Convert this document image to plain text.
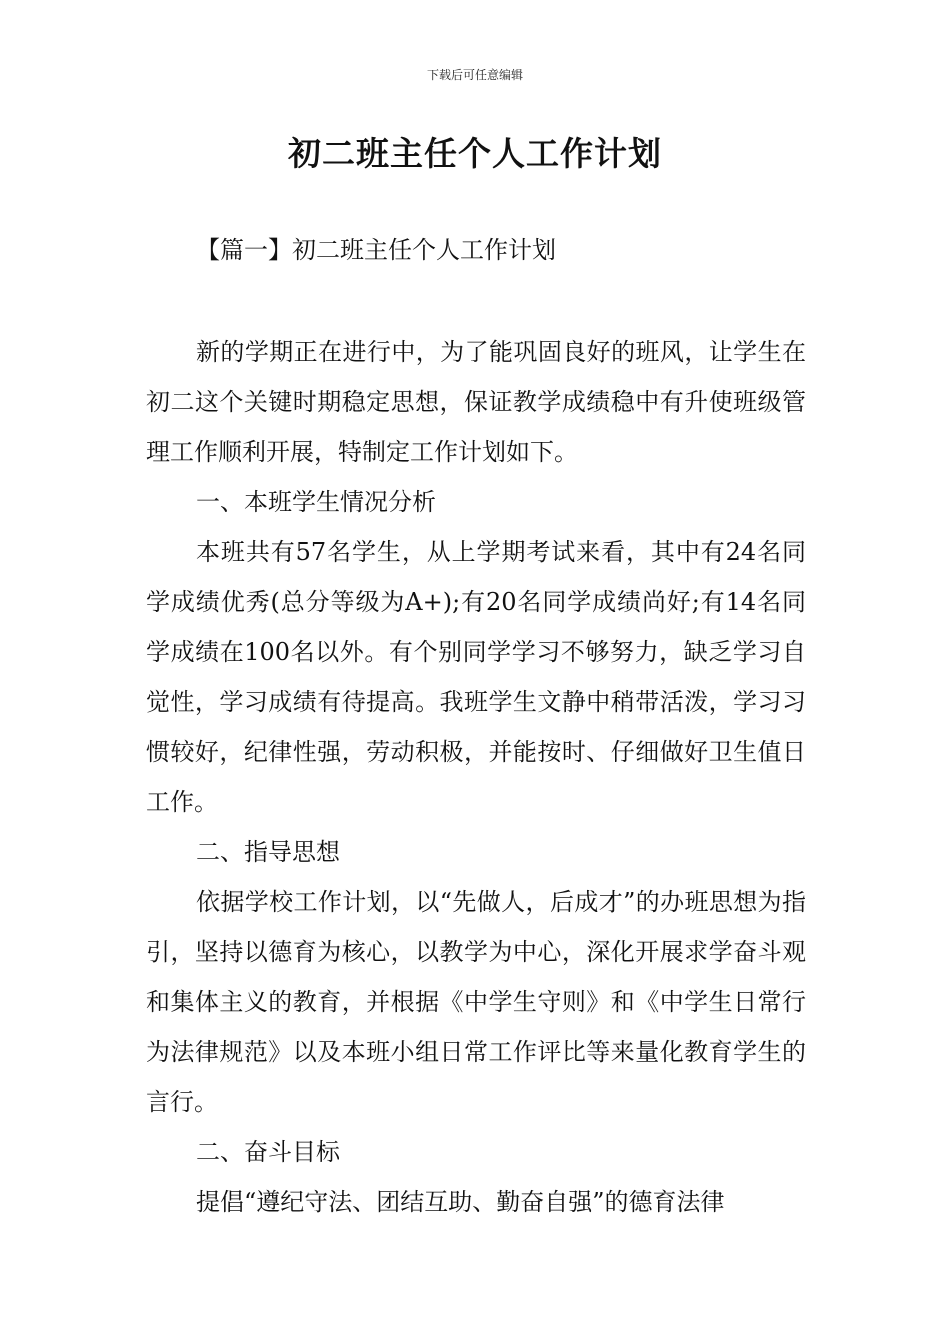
下载后可任意编辑
初二班主任个人工作计划
【篇一】初二班主任个人工作计划

新的学期正在进行中，为了能巩固良好的班风，让学生在初二这个关键时期稳定思想，保证教学成绩稳中有升使班级管理工作顺利开展，特制定工作计划如下。

一、本班学生情况分析

本班共有57名学生，从上学期考试来看，其中有24名同学成绩优秀(总分等级为A+);有20名同学成绩尚好;有14名同学成绩在100名以外。有个别同学学习不够努力，缺乏学习自觉性，学习成绩有待提高。我班学生文静中稍带活泼，学习习惯较好，纪律性强，劳动积极，并能按时、仔细做好卫生值日工作。

二、指导思想

依据学校工作计划，以“先做人，后成才”的办班思想为指引，坚持以德育为核心，以教学为中心，深化开展求学奋斗观和集体主义的教育，并根据《中学生守则》和《中学生日常行为法律规范》以及本班小组日常工作评比等来量化教育学生的言行。

二、奋斗目标

提倡“遵纪守法、团结互助、勤奋自强”的德育法律
